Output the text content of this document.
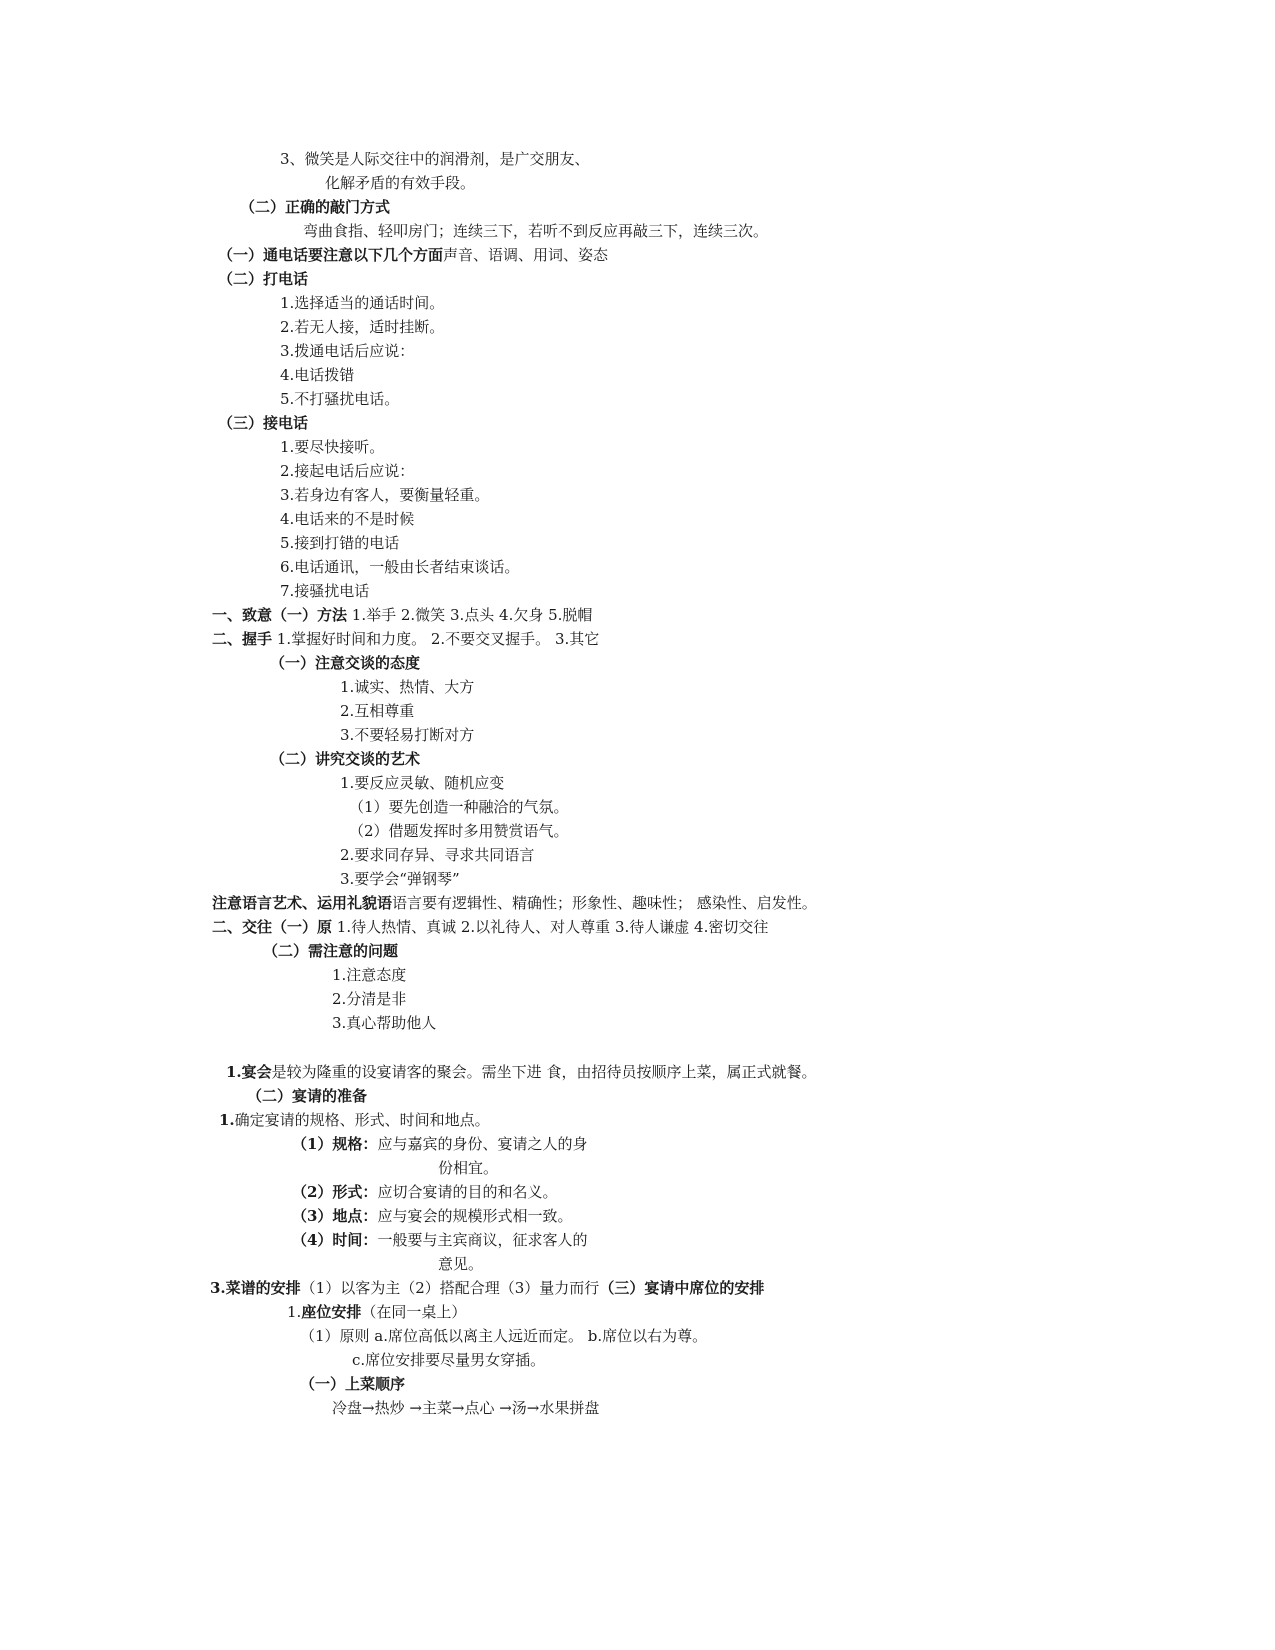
3、微笑是人际交往中的润滑剂，是广交朋友、
化解矛盾的有效手段。
（二）正确的敲门方式
弯曲食指、轻叩房门；连续三下，若听不到反应再敲三下，连续三次。
（一）通电话要注意以下几个方面声音、语调、用词、姿态
（二）打电话
1.选择适当的通话时间。
2.若无人接，适时挂断。
3.拨通电话后应说：
4.电话拨错
5.不打骚扰电话。
（三）接电话
1.要尽快接听。
2.接起电话后应说：
3.若身边有客人，要衡量轻重。
4.电话来的不是时候
5.接到打错的电话
6.电话通讯，一般由长者结束谈话。
7.接骚扰电话
一、致意（一）方法 1.举手 2.微笑 3.点头 4.欠身 5.脱帽
二、握手 1.掌握好时间和力度。 2.不要交叉握手。 3.其它
（一）注意交谈的态度
1.诚实、热情、大方
2.互相尊重
3.不要轻易打断对方
（二）讲究交谈的艺术
1.要反应灵敏、随机应变
（1）要先创造一种融洽的气氛。
（2）借题发挥时多用赞赏语气。
2.要求同存异、寻求共同语言
3.要学会“弹钢琴”
注意语言艺术、运用礼貌语语言要有逻辑性、精确性；形象性、趣味性； 感染性、启发性。
二、交往（一）原 1.待人热情、真诚 2.以礼待人、对人尊重 3.待人谦虚 4.密切交往
（二）需注意的问题
1.注意态度
2.分清是非
3.真心帮助他人
1.宴会是较为隆重的设宴请客的聚会。需坐下进 食，由招待员按顺序上菜，属正式就餐。
（二）宴请的准备
1.确定宴请的规格、形式、时间和地点。
（1）规格：应与嘉宾的身份、宴请之人的身
份相宜。
（2）形式：应切合宴请的目的和名义。
（3）地点：应与宴会的规模形式相一致。
（4）时间：一般要与主宾商议，征求客人的
意见。
3.菜谱的安排（1）以客为主（2）搭配合理（3）量力而行（三）宴请中席位的安排
1.座位安排（在同一桌上）
（1）原则 a.席位高低以离主人远近而定。 b.席位以右为尊。
c.席位安排要尽量男女穿插。
（一）上菜顺序
冷盘→热炒 →主菜→点心 →汤→水果拼盘
